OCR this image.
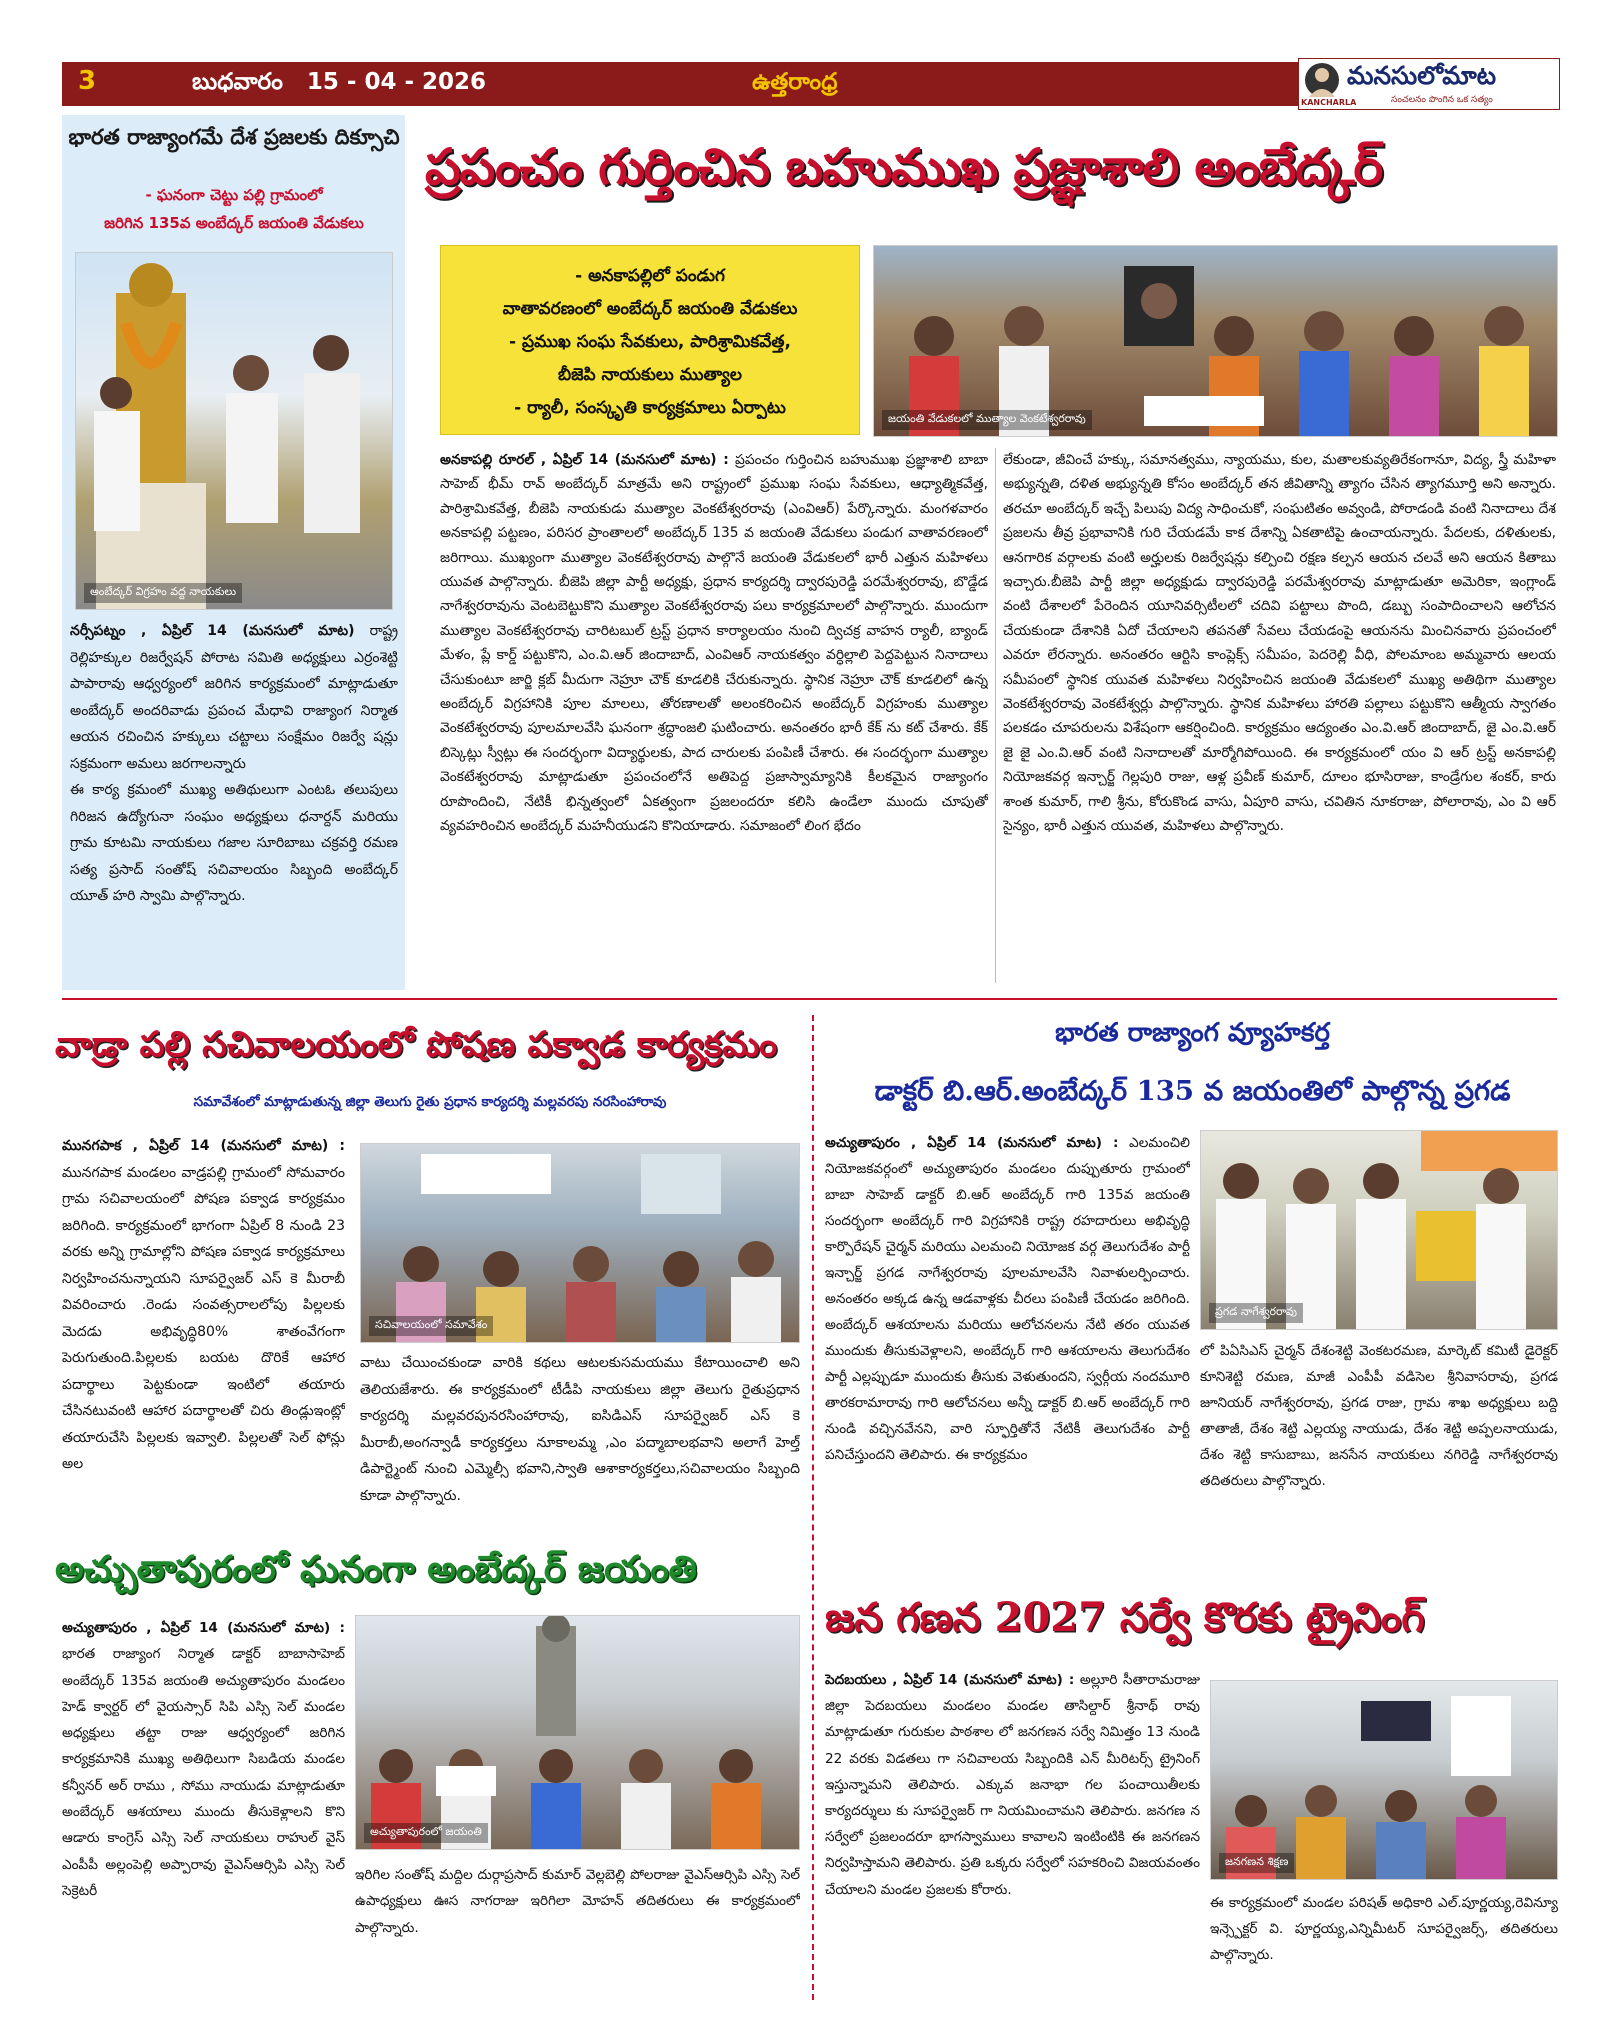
3	బుధవారం   15 - 04 - 2026	ఉత్తరాంధ్ర
KANCHARLA
మనసులోమాట
సంచలనం పొంగిన ఒక సత్యం
భారత రాజ్యాంగమే దేశ ప్రజలకు దిక్సూచి
- ఘనంగా చెట్టు పల్లి గ్రామంలో
జరిగిన 135వ అంబేద్కర్ జయంతి వేడుకలు
అంబేద్కర్ విగ్రహం వద్ద నాయకులు
నర్సీపట్నం , ఏప్రిల్ 14 (మనసులో మాట) రాష్ట్ర రెల్లిహక్కుల రిజర్వేషన్ పోరాట సమితి అధ్యక్షులు ఎర్రంశెట్టి పాపారావు ఆధ్వర్యంలో జరిగిన కార్యక్రమంలో మాట్లాడుతూ అంబేద్కర్ అందరివాడు ప్రపంచ మేధావి రాజ్యాంగ నిర్మాత ఆయన రచించిన హక్కులు చట్టాలు సంక్షేమం రిజర్వే షన్లు సక్రమంగా అమలు జరగాలన్నారు
ఈ కార్య క్రమంలో ముఖ్య అతిథులుగా ఎంటఓ తలుపులు గిరిజన ఉద్యోగునా సంఘం అధ్యక్షులు ధనార్దన్ మరియు గ్రామ కూటమి నాయకులు గజాల సూరిబాబు చక్రవర్తి రమణ సత్య ప్రసాద్ సంతోష్ సచివాలయం సిబ్బంది అంబేద్కర్ యూత్ హరి స్వామి పాల్గొన్నారు.
ప్రపంచం గుర్తించిన బహుముఖ ప్రజ్ఞాశాలి అంబేద్కర్
- అనకాపల్లిలో పండుగ
వాతావరణంలో అంబేద్కర్ జయంతి వేడుకలు
- ప్రముఖ సంఘ సేవకులు, పారిశ్రామికవేత్త,
బీజెపి నాయకులు ముత్యాల
- ర్యాలీ, సంస్కృతి కార్యక్రమాలు ఏర్పాటు
జయంతి వేడుకలలో ముత్యాల వెంకటేశ్వరరావు
అనకాపల్లి రూరల్ , ఏప్రిల్ 14 (మనసులో మాట) : ప్రపంచం గుర్తించిన బహుముఖ ప్రజ్ఞాశాలి బాబా సాహెబ్ భీమ్ రావ్ అంబేద్కర్ మాత్రమే అని రాష్ట్రంలో ప్రముఖ సంఘ సేవకులు, ఆధ్యాత్మికవేత్త, పారిశ్రామికవేత్త, బీజెపి నాయకుడు ముత్యాల వెంకటేశ్వరరావు (ఎంవిఆర్) పేర్కొన్నారు. మంగళవారం అనకాపల్లి పట్టణం, పరిసర ప్రాంతాలలో అంబేద్కర్ 135 వ జయంతి వేడుకలు పండుగ వాతావరణంలో జరిగాయి. ముఖ్యంగా ముత్యాల వెంకటేశ్వరరావు పాల్గొనే జయంతి వేడుకలలో భారీ ఎత్తున మహిళలు యువత పాల్గొన్నారు. బీజెపి జిల్లా పార్టీ అధ్యక్షు, ప్రధాన కార్యదర్శి ద్వారపురెడ్డి పరమేశ్వరరావు, బొడ్డేడ నాగేశ్వరరావును వెంటబెట్టుకొని ముత్యాల వెంకటేశ్వరరావు పలు కార్యక్రమాలలో పాల్గొన్నారు. ముందుగా ముత్యాల వెంకటేశ్వరరావు చారిటబుల్ ట్రస్ట్ ప్రధాన కార్యాలయం నుంచి ద్విచక్ర వాహన ర్యాలీ, బ్యాండ్ మేళం, ప్లే కార్డ్ పట్టుకొని, ఎం.వి.ఆర్ జిందాబాద్, ఎంవిఆర్ నాయకత్వం వర్ధిల్లాలి పెద్దపెట్టున నినాదాలు చేసుకుంటూ జార్జి క్లబ్ మీదుగా నెహ్రూ చౌక్ కూడలికి చేరుకున్నారు. స్థానిక నెహ్రూ చౌక్ కూడలిలో ఉన్న అంబేద్కర్ విగ్రహానికి పూల మాలలు, తోరణాలతో అలంకరించిన అంబేద్కర్ విగ్రహంకు ముత్యాల వెంకటేశ్వరరావు పూలమాలవేసి ఘనంగా శ్రద్ధాంజలి ఘటించారు. అనంతరం భారీ కేక్ ను కట్ చేశారు. కేక్ బిస్కెట్లు స్వీట్లు ఈ సందర్భంగా విద్యార్థులకు, పాద చారులకు పంపిణీ చేశారు. ఈ సందర్భంగా ముత్యాల వెంకటేశ్వరరావు మాట్లాడుతూ ప్రపంచంలోనే అతిపెద్ద ప్రజాస్వామ్యానికి కీలకమైన రాజ్యాంగం రూపొందించి, నేటికీ భిన్నత్వంలో ఏకత్వంగా ప్రజలందరూ కలిసి ఉండేలా ముందు చూపుతో వ్యవహరించిన అంబేద్కర్ మహనీయుడని కొనియాడారు. సమాజంలో లింగ భేదం
లేకుండా, జీవించే హక్కు, సమానత్వము, న్యాయము, కుల, మతాలకువ్యతిరేకంగానూ, విద్య, స్త్రీ మహిళా అభ్యున్నతి, దళిత అభ్యున్నతి కోసం అంబేద్కర్ తన జీవితాన్ని త్యాగం చేసిన త్యాగమూర్తి అని అన్నారు. తరచూ అంబేద్కర్ ఇచ్చే పిలుపు విద్య సాధించుకో, సంఘటితం అవ్వండి, పోరాడండి వంటి నినాదాలు దేశ ప్రజలను తీవ్ర ప్రభావానికి గురి చేయడమే కాక దేశాన్ని ఏకతాటిపై ఉంచాయన్నారు. పేదలకు, దళితులకు, ఆనగారిక వర్గాలకు వంటి అర్హులకు రిజర్వేషన్లు కల్పించి రక్షణ కల్పన ఆయన చలవే అని ఆయన కితాబు ఇచ్చారు.బీజెపి పార్టీ జిల్లా అధ్యక్షుడు ద్వారపురెడ్డి పరమేశ్వరరావు మాట్లాడుతూ అమెరికా, ఇంగ్లాండ్ వంటి దేశాలలో పేరెందిన యూనివర్సిటీలలో చదివి పట్టాలు పొంది, డబ్బు సంపాదించాలని ఆలోచన చేయకుండా దేశానికి ఏదో చేయాలని తపనతో సేవలు చేయడంపై ఆయనను మించినవారు ప్రపంచంలో ఎవరూ లేరన్నారు. అనంతరం ఆర్టిసి కాంప్లెక్స్ సమీపం, పెదరెల్లి వీధి, పోలమాంబ అమ్మవారు ఆలయ సమీపంలో స్థానిక యువత మహిళలు నిర్వహించిన జయంతి వేడుకలలో ముఖ్య అతిథిగా ముత్యాల వెంకటేశ్వరరావు వెంకటేశ్వర్లు పాల్గొన్నారు. స్థానిక మహిళలు హారతి పల్లాలు పట్టుకొని ఆత్మీయ స్వాగతం పలకడం చూపరులను విశేషంగా ఆకర్షించింది. కార్యక్రమం ఆద్యంతం ఎం.వి.ఆర్ జిందాబాద్, జై ఎం.వి.ఆర్ జై జై ఎం.వి.ఆర్ వంటి నినాదాలతో మార్మోగిపోయింది. ఈ కార్యక్రమంలో యం వి ఆర్ ట్రస్ట్ అనకాపల్లి నియోజకవర్గ ఇన్చార్జ్ గెల్లపురి రాజు, ఆళ్ల ప్రవీణ్ కుమార్, దూలం భూసిరాజు, కాండ్రేగుల శంకర్, కారు శాంత కుమార్, గాలి శ్రీను, కోరుకొండ వాసు, ఏపూరి వాసు, చవితిన నూకరాజు, పోలారావు, ఎం వి ఆర్ సైన్యం, భారీ ఎత్తున యువత, మహిళలు పాల్గొన్నారు.
వాడ్రా పల్లి సచివాలయంలో పోషణ పక్వాడ కార్యక్రమం
సమావేశంలో మాట్లాడుతున్న జిల్లా తెలుగు రైతు ప్రధాన కార్యదర్శి మల్లవరపు నరసింహారావు
మునగపాక , ఏప్రిల్ 14 (మనసులో మాట) : మునగపాక మండలం వాడ్రపల్లి గ్రామంలో సోమవారం గ్రామ సచివాలయంలో పోషణ పక్వాడ కార్యక్రమం జరిగింది. కార్యక్రమంలో భాగంగా ఏప్రిల్ 8 నుండి 23 వరకు అన్ని గ్రామాల్లోని పోషణ పక్వాడ కార్యక్రమాలు నిర్వహించనున్నాయని సూపర్వైజర్ ఎస్ కె మీరాబీ వివరించారు .రెండు సంవత్సరాలలోపు పిల్లలకు మెదడు అభివృద్ధి80% శాతంవేగంగా పెరుగుతుంది.పిల్లలకు బయట దొరికే ఆహార పదార్థాలు పెట్టకుండా ఇంటిలో తయారు చేసినటువంటి ఆహార పదార్థాలతో చిరు తిండ్లుఇంట్లో తయారుచేసి పిల్లలకు ఇవ్వాలి. పిల్లలతో సెల్ ఫోన్లు అల
సచివాలయంలో సమావేశం
వాటు చేయించకుండా వారికి కథలు ఆటలకుసమయము కేటాయించాలి అని తెలియజేశారు. ఈ కార్యక్రమంలో టీడీపి నాయకులు జిల్లా తెలుగు రైతుప్రధాన కార్యదర్శి మల్లవరపునరసింహారావు, ఐసిడిఎస్ సూపర్వైజర్ ఎస్ కె మీరాబీ,అంగన్వాడీ కార్యకర్తలు నూకాలమ్మ ,ఎం పద్మాబాలభవాని అలాగే హెల్త్ డిపార్ట్మెంట్ నుంచి ఎమ్మెల్సీ భవాని,స్వాతి ఆశాకార్యకర్తలు,సచివాలయం సిబ్బంది కూడా పాల్గొన్నారు.
భారత రాజ్యాంగ వ్యూహకర్త
డాక్టర్ బి.ఆర్.అంబేద్కర్ 135 వ జయంతిలో పాల్గొన్న ప్రగడ
అచ్యుతాపురం , ఏప్రిల్ 14 (మనసులో మాట) : ఎలమంచిలి నియోజకవర్గంలో అచ్యుతాపురం మండలం దుప్పుతూరు గ్రామంలో బాబా సాహెబ్ డాక్టర్ బి.ఆర్ అంబేద్కర్ గారి 135వ జయంతి సందర్భంగా అంబేద్కర్ గారి విగ్రహానికి రాష్ట్ర రహదారులు అభివృద్ధి కార్పొరేషన్ చైర్మన్ మరియు ఎలమంచి నియోజక వర్గ తెలుగుదేశం పార్టీ ఇన్చార్జ్ ప్రగడ నాగేశ్వరరావు పూలమాలవేసి నివాళులర్పించారు. అనంతరం అక్కడ ఉన్న ఆడవాళ్లకు చీరలు పంపిణీ చేయడం జరిగింది. అంబేద్కర్ ఆశయాలను మరియు ఆలోచనలను నేటి తరం యువత ముందుకు తీసుకువెళ్లాలని, అంబేద్కర్ గారి ఆశయాలను తెలుగుదేశం పార్టీ ఎల్లప్పుడూ ముందుకు తీసుకు వెళుతుందని, స్వర్గీయ నందమూరి తారకరామారావు గారి ఆలోచనలు అన్నీ డాక్టర్ బి.ఆర్ అంబేద్కర్ గారి నుండి వచ్చినవేనని, వారి స్ఫూర్తితోనే నేటికీ తెలుగుదేశం పార్టీ పనిచేస్తుందని తెలిపారు. ఈ కార్యక్రమం
ప్రగడ నాగేశ్వరరావు
లో పిఏసిఎస్ చైర్మన్ దేశంశెట్టి వెంకటరమణ, మార్కెట్ కమిటీ డైరెక్టర్ కూనిశెట్టి రమణ, మాజీ ఎంపీపీ వడిసెల శ్రీనివాసరావు, ప్రగడ జూనియర్ నాగేశ్వరరావు, ప్రగడ రాజు, గ్రామ శాఖ అధ్యక్షులు బద్ది తాతాజీ, దేశం శెట్టి ఎల్లయ్య నాయుడు, దేశం శెట్టి అప్పలనాయుడు, దేశం శెట్టి కాసుబాబు, జనసేన నాయకులు నగిరెడ్డి నాగేశ్వరరావు తదితరులు పాల్గొన్నారు.
అచ్చుతాపురంలో ఘనంగా అంబేద్కర్ జయంతి
అచ్యుతాపురం , ఏప్రిల్ 14 (మనసులో మాట) : భారత రాజ్యాంగ నిర్మాత డాక్టర్ బాబాసాహెబ్ అంబేద్కర్ 135వ జయంతి అచ్యుతాపురం మండలం హెడ్ క్వార్టర్ లో వైయస్సార్ సిపి ఎస్సి సెల్ మండల అధ్యక్షులు తట్టా రాజు ఆధ్వర్యంలో జరిగిన కార్యక్రమానికి ముఖ్య అతిథిలుగా సిబడియ మండల కన్వీనర్ అర్ రాము , సోము నాయుడు మాట్లాడుతూ అంబేద్కర్ ఆశయాలు ముందు తీసుకెళ్లాలని కొని ఆడారు కాంగ్రెస్ ఎస్సి సెల్ నాయకులు రాహుల్ వైస్ ఎంపీపీ అల్లంపెల్లి అప్పారావు వైఎస్ఆర్సిపి ఎస్సి సెల్ సెక్రెటరీ
అచ్యుతాపురంలో జయంతి
ఇరిగిల సంతోష్ మద్దిల దుర్గాప్రసాద్ కుమార్ వెల్లబెల్లి పోలరాజు వైఎస్ఆర్సిపి ఎస్సి సెల్ ఉపాధ్యక్షులు ఊస నాగరాజు ఇరిగిలా మోహన్ తదితరులు ఈ కార్యక్రమంలో పాల్గొన్నారు.
జన గణన 2027 సర్వే కొరకు ట్రైనింగ్
పెదబయలు , ఏప్రిల్ 14 (మనసులో మాట) : అల్లూరి సీతారామరాజు జిల్లా పెదబయలు మండలం మండల తాసిల్దార్ శ్రీనాథ్ రావు మాట్లాడుతూ గురుకుల పాఠశాల లో జనగణన సర్వే నిమిత్తం 13 నుండి 22 వరకు విడతలు గా సచివాలయ సిబ్బందికి ఎన్ మీరిటర్స్ ట్రైనింగ్ ఇస్తున్నామని తెలిపారు. ఎక్కువ జనాభా గల పంచాయితీలకు కార్యదర్శులు కు సూపర్వైజర్ గా నియమించామని తెలిపారు. జనగణ న సర్వేలో ప్రజలందరూ భాగస్వాములు కావాలని ఇంటింటికి ఈ జనగణన నిర్వహిస్తామని తెలిపారు. ప్రతి ఒక్కరు సర్వేలో సహకరించి విజయవంతం చేయాలని మండల ప్రజలకు కోరారు.
జనగణన శిక్షణ
ఈ కార్యక్రమంలో మండల పరిషత్ అధికారి ఎల్.పూర్ణయ్య,రెవిన్యూ ఇన్స్పెక్టర్ వి. పూర్ణయ్య,ఎన్నిమీటర్ సూపర్వైజర్స్, తదితరులు పాల్గొన్నారు.
